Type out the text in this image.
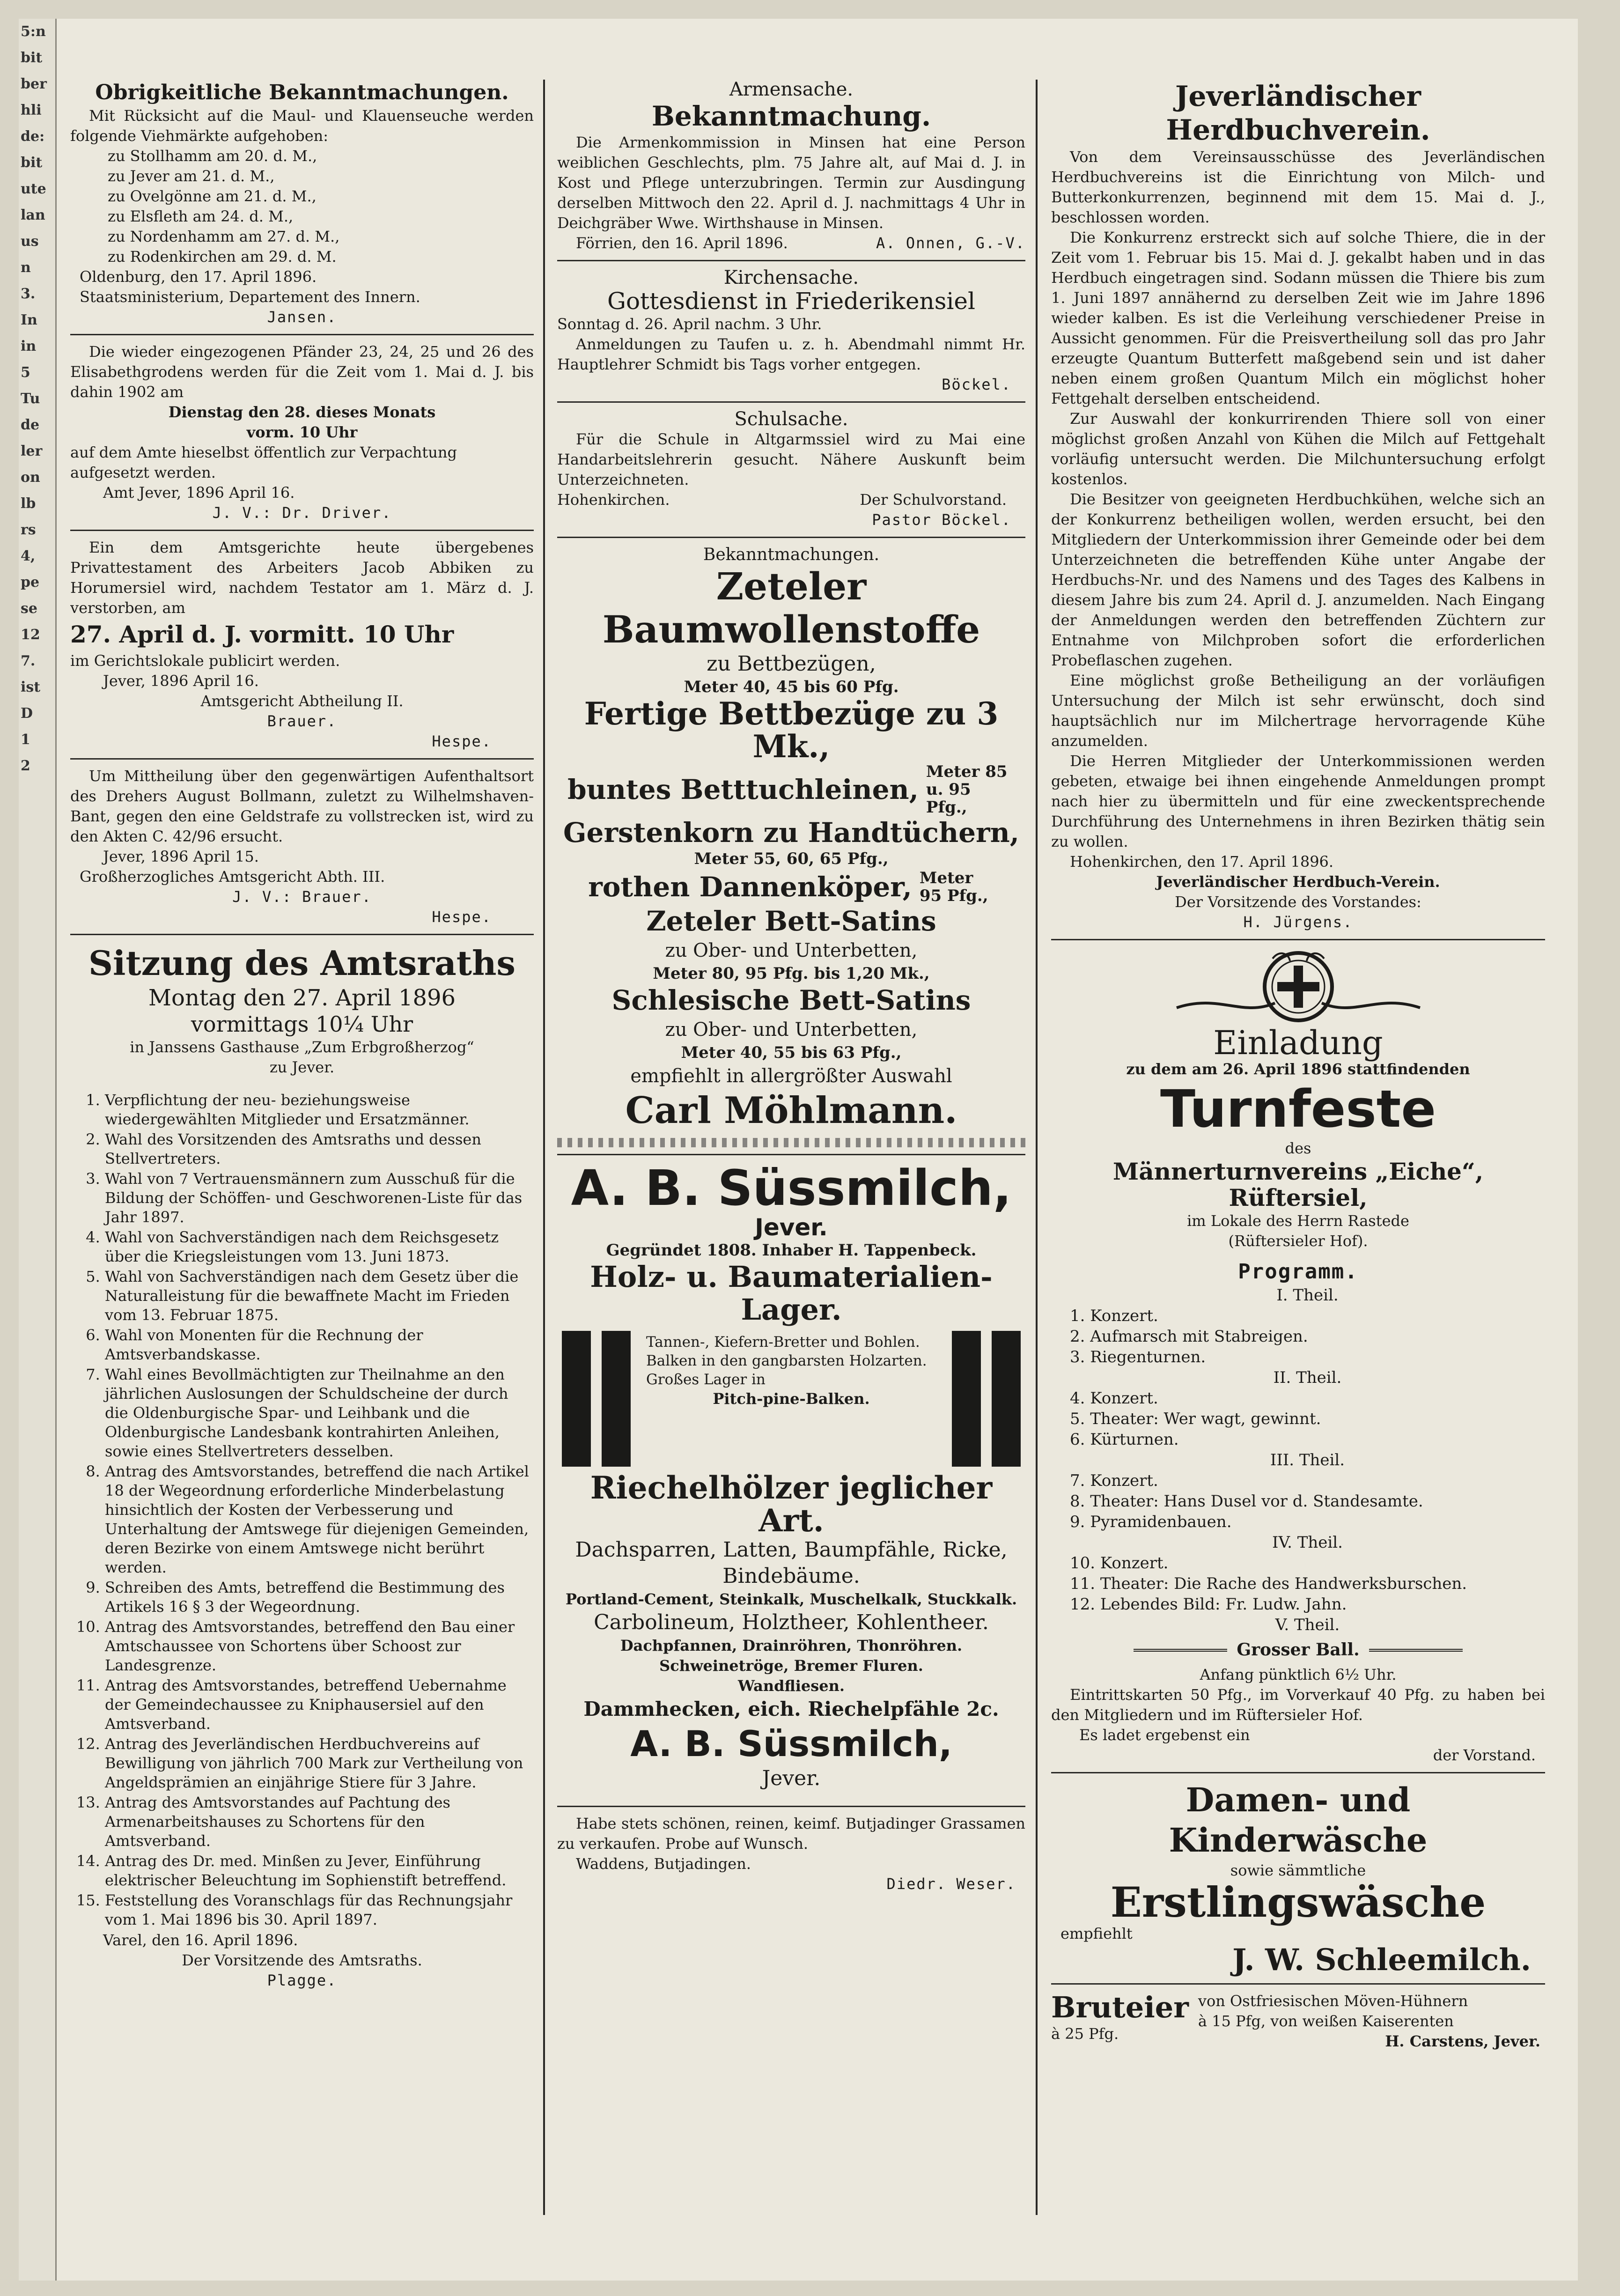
5:n
bit
ber
hli
de:
bit
ute
lan
us
n
3.
In
in
5
Tu
de
ler
on
lb
rs
4,
pe
se
12
7.
ist
D
1
2
Obrigkeitliche Bekanntmachungen.
Mit Rücksicht auf die Maul- und Klauenseuche werden folgende Viehmärkte aufgehoben:
zu Stollhamm am 20. d. M.,
zu Jever am 21. d. M.,
zu Ovelgönne am 21. d. M.,
zu Elsfleth am 24. d. M.,
zu Nordenhamm am 27. d. M.,
zu Rodenkirchen am 29. d. M.
Oldenburg, den 17. April 1896.
Staatsministerium, Departement des Innern.
Jansen.
Die wieder eingezogenen Pfänder 23, 24, 25 und 26 des Elisabethgrodens werden für die Zeit vom 1. Mai d. J. bis dahin 1902 am
Dienstag den 28. dieses Monats
vorm. 10 Uhr
auf dem Amte hieselbst öffentlich zur Verpachtung aufgesetzt werden.
Amt Jever, 1896 April 16.
J. V.: Dr. Driver.
Ein dem Amtsgerichte heute übergebenes Privattestament des Arbeiters Jacob Abbiken zu Horumersiel wird, nachdem Testator am 1. März d. J. verstorben, am
27. April d. J. vormitt. 10 Uhr
im Gerichtslokale publicirt werden.
Jever, 1896 April 16.
Amtsgericht Abtheilung II.
Brauer.
Hespe.
Um Mittheilung über den gegenwärtigen Aufenthaltsort des Drehers August Bollmann, zuletzt zu Wilhelmshaven-Bant, gegen den eine Geldstrafe zu vollstrecken ist, wird zu den Akten C. 42/96 ersucht.
Jever, 1896 April 15.
Großherzogliches Amtsgericht Abth. III.
J. V.: Brauer.
Hespe.
Sitzung des Amtsraths
Montag den 27. April 1896
vormittags 10¼ Uhr
in Janssens Gasthause „Zum Erbgroßherzog“
zu Jever.
1. Verpflichtung der neu- beziehungsweise wiedergewählten Mitglieder und Ersatzmänner.
2. Wahl des Vorsitzenden des Amtsraths und dessen Stellvertreters.
3. Wahl von 7 Vertrauensmännern zum Ausschuß für die Bildung der Schöffen- und Geschworenen-Liste für das Jahr 1897.
4. Wahl von Sachverständigen nach dem Reichsgesetz über die Kriegsleistungen vom 13. Juni 1873.
5. Wahl von Sachverständigen nach dem Gesetz über die Naturalleistung für die bewaffnete Macht im Frieden vom 13. Februar 1875.
6. Wahl von Monenten für die Rechnung der Amtsverbandskasse.
7. Wahl eines Bevollmächtigten zur Theilnahme an den jährlichen Auslosungen der Schuldscheine der durch die Oldenburgische Spar- und Leihbank und die Oldenburgische Landesbank kontrahirten Anleihen, sowie eines Stellvertreters desselben.
8. Antrag des Amtsvorstandes, betreffend die nach Artikel 18 der Wegeordnung erforderliche Minderbelastung hinsichtlich der Kosten der Verbesserung und Unterhaltung der Amtswege für diejenigen Gemeinden, deren Bezirke von einem Amtswege nicht berührt werden.
9. Schreiben des Amts, betreffend die Bestimmung des Artikels 16 § 3 der Wegeordnung.
10. Antrag des Amtsvorstandes, betreffend den Bau einer Amtschaussee von Schortens über Schoost zur Landesgrenze.
11. Antrag des Amtsvorstandes, betreffend Uebernahme der Gemeindechaussee zu Kniphausersiel auf den Amtsverband.
12. Antrag des Jeverländischen Herdbuchvereins auf Bewilligung von jährlich 700 Mark zur Vertheilung von Angeldsprämien an einjährige Stiere für 3 Jahre.
13. Antrag des Amtsvorstandes auf Pachtung des Armenarbeitshauses zu Schortens für den Amtsverband.
14. Antrag des Dr. med. Minßen zu Jever, Einführung elektrischer Beleuchtung im Sophienstift betreffend.
15. Feststellung des Voranschlags für das Rechnungsjahr vom 1. Mai 1896 bis 30. April 1897.
Varel, den 16. April 1896.
Der Vorsitzende des Amtsraths.
Plagge.
Armensache.
Bekanntmachung.
Die Armenkommission in Minsen hat eine Person weiblichen Geschlechts, plm. 75 Jahre alt, auf Mai d. J. in Kost und Pflege unterzubringen. Termin zur Ausdingung derselben Mittwoch den 22. April d. J. nachmittags 4 Uhr in Deichgräber Wwe. Wirthshause in Minsen.
Förrien, den 16. April 1896.	A. Onnen, G.-V.
Kirchensache.
Gottesdienst in Friederikensiel
Sonntag d. 26. April nachm. 3 Uhr.
Anmeldungen zu Taufen u. z. h. Abendmahl nimmt Hr. Hauptlehrer Schmidt bis Tags vorher entgegen.
Böckel.
Schulsache.
Für die Schule in Altgarmssiel wird zu Mai eine Handarbeitslehrerin gesucht. Nähere Auskunft beim Unterzeichneten.
Hohenkirchen.	Der Schulvorstand.
Pastor Böckel.
Bekanntmachungen.
Zeteler Baumwollenstoffe
zu Bettbezügen,
Meter 40, 45 bis 60 Pfg.
Fertige Bettbezüge zu 3 Mk.,
buntes Betttuchleinen,
Meter 85 u. 95 Pfg.,
Gerstenkorn zu Handtüchern,
Meter 55, 60, 65 Pfg.,
rothen Dannenköper, Meter 95 Pfg.,
Zeteler Bett-Satins
zu Ober- und Unterbetten,
Meter 80, 95 Pfg. bis 1,20 Mk.,
Schlesische Bett-Satins
zu Ober- und Unterbetten,
Meter 40, 55 bis 63 Pfg.,
empfiehlt in allergrößter Auswahl
Carl Möhlmann.
A. B. Süssmilch,
Jever.
Gegründet 1808. Inhaber H. Tappenbeck.
Holz- u. Baumaterialien-Lager.
Tannen-, Kiefern-Bretter und Bohlen. Balken in den gangbarsten Holzarten. Großes Lager in
Pitch-pine-Balken.
Riechelhölzer jeglicher Art.
Dachsparren, Latten, Baumpfähle, Ricke, Bindebäume.
Portland-Cement, Steinkalk, Muschelkalk, Stuckkalk.
Carbolineum, Holztheer, Kohlentheer.
Dachpfannen, Drainröhren, Thonröhren.
Schweinetröge, Bremer Fluren.
Wandfliesen.
Dammhecken, eich. Riechelpfähle 2c.
A. B. Süssmilch,
Jever.
Habe stets schönen, reinen, keimf. Butjadinger Grassamen zu verkaufen. Probe auf Wunsch.
Waddens, Butjadingen.
Diedr. Weser.
Jeverländischer Herdbuchverein.
Von dem Vereinsausschüsse des Jeverländischen Herdbuchvereins ist die Einrichtung von Milch- und Butterkonkurrenzen, beginnend mit dem 15. Mai d. J., beschlossen worden.
Die Konkurrenz erstreckt sich auf solche Thiere, die in der Zeit vom 1. Februar bis 15. Mai d. J. gekalbt haben und in das Herdbuch eingetragen sind. Sodann müssen die Thiere bis zum 1. Juni 1897 annähernd zu derselben Zeit wie im Jahre 1896 wieder kalben. Es ist die Verleihung verschiedener Preise in Aussicht genommen. Für die Preisvertheilung soll das pro Jahr erzeugte Quantum Butterfett maßgebend sein und ist daher neben einem großen Quantum Milch ein möglichst hoher Fettgehalt derselben entscheidend.
Zur Auswahl der konkurrirenden Thiere soll von einer möglichst großen Anzahl von Kühen die Milch auf Fettgehalt vorläufig untersucht werden. Die Milchuntersuchung erfolgt kostenlos.
Die Besitzer von geeigneten Herdbuchkühen, welche sich an der Konkurrenz betheiligen wollen, werden ersucht, bei den Mitgliedern der Unterkommission ihrer Gemeinde oder bei dem Unterzeichneten die betreffenden Kühe unter Angabe der Herdbuchs-Nr. und des Namens und des Tages des Kalbens in diesem Jahre bis zum 24. April d. J. anzumelden. Nach Eingang der Anmeldungen werden den betreffenden Züchtern zur Entnahme von Milchproben sofort die erforderlichen Probeflaschen zugehen.
Eine möglichst große Betheiligung an der vorläufigen Untersuchung der Milch ist sehr erwünscht, doch sind hauptsächlich nur im Milchertrage hervorragende Kühe anzumelden.
Die Herren Mitglieder der Unterkommissionen werden gebeten, etwaige bei ihnen eingehende Anmeldungen prompt nach hier zu übermitteln und für eine zweckentsprechende Durchführung des Unternehmens in ihren Bezirken thätig sein zu wollen.
Hohenkirchen, den 17. April 1896.
Jeverländischer Herdbuch-Verein.
Der Vorsitzende des Vorstandes:
H. Jürgens.
Einladung
zu dem am 26. April 1896 stattfindenden
Turnfeste
des
Männerturnvereins „Eiche“, Rüftersiel,
im Lokale des Herrn Rastede
(Rüftersieler Hof).
Programm.
I. Theil.
1. Konzert.
2. Aufmarsch mit Stabreigen.
3. Riegenturnen.
II. Theil.
4. Konzert.
5. Theater: Wer wagt, gewinnt.
6. Kürturnen.
III. Theil.
7. Konzert.
8. Theater: Hans Dusel vor d. Standesamte.
9. Pyramidenbauen.
IV. Theil.
10. Konzert.
11. Theater: Die Rache des Handwerksburschen.
12. Lebendes Bild: Fr. Ludw. Jahn.
V. Theil.
Grosser Ball.
Anfang pünktlich 6½ Uhr.
Eintrittskarten 50 Pfg., im Vorverkauf 40 Pfg. zu haben bei den Mitgliedern und im Rüftersieler Hof.
Es ladet ergebenst ein
der Vorstand.
Damen- und Kinderwäsche
sowie sämmtliche
Erstlingswäsche
empfiehlt
J. W. Schleemilch.
Bruteier
à 25 Pfg.
von Ostfriesischen Möven-Hühnern
à 15 Pfg, von weißen Kaiserenten
H. Carstens, Jever.
